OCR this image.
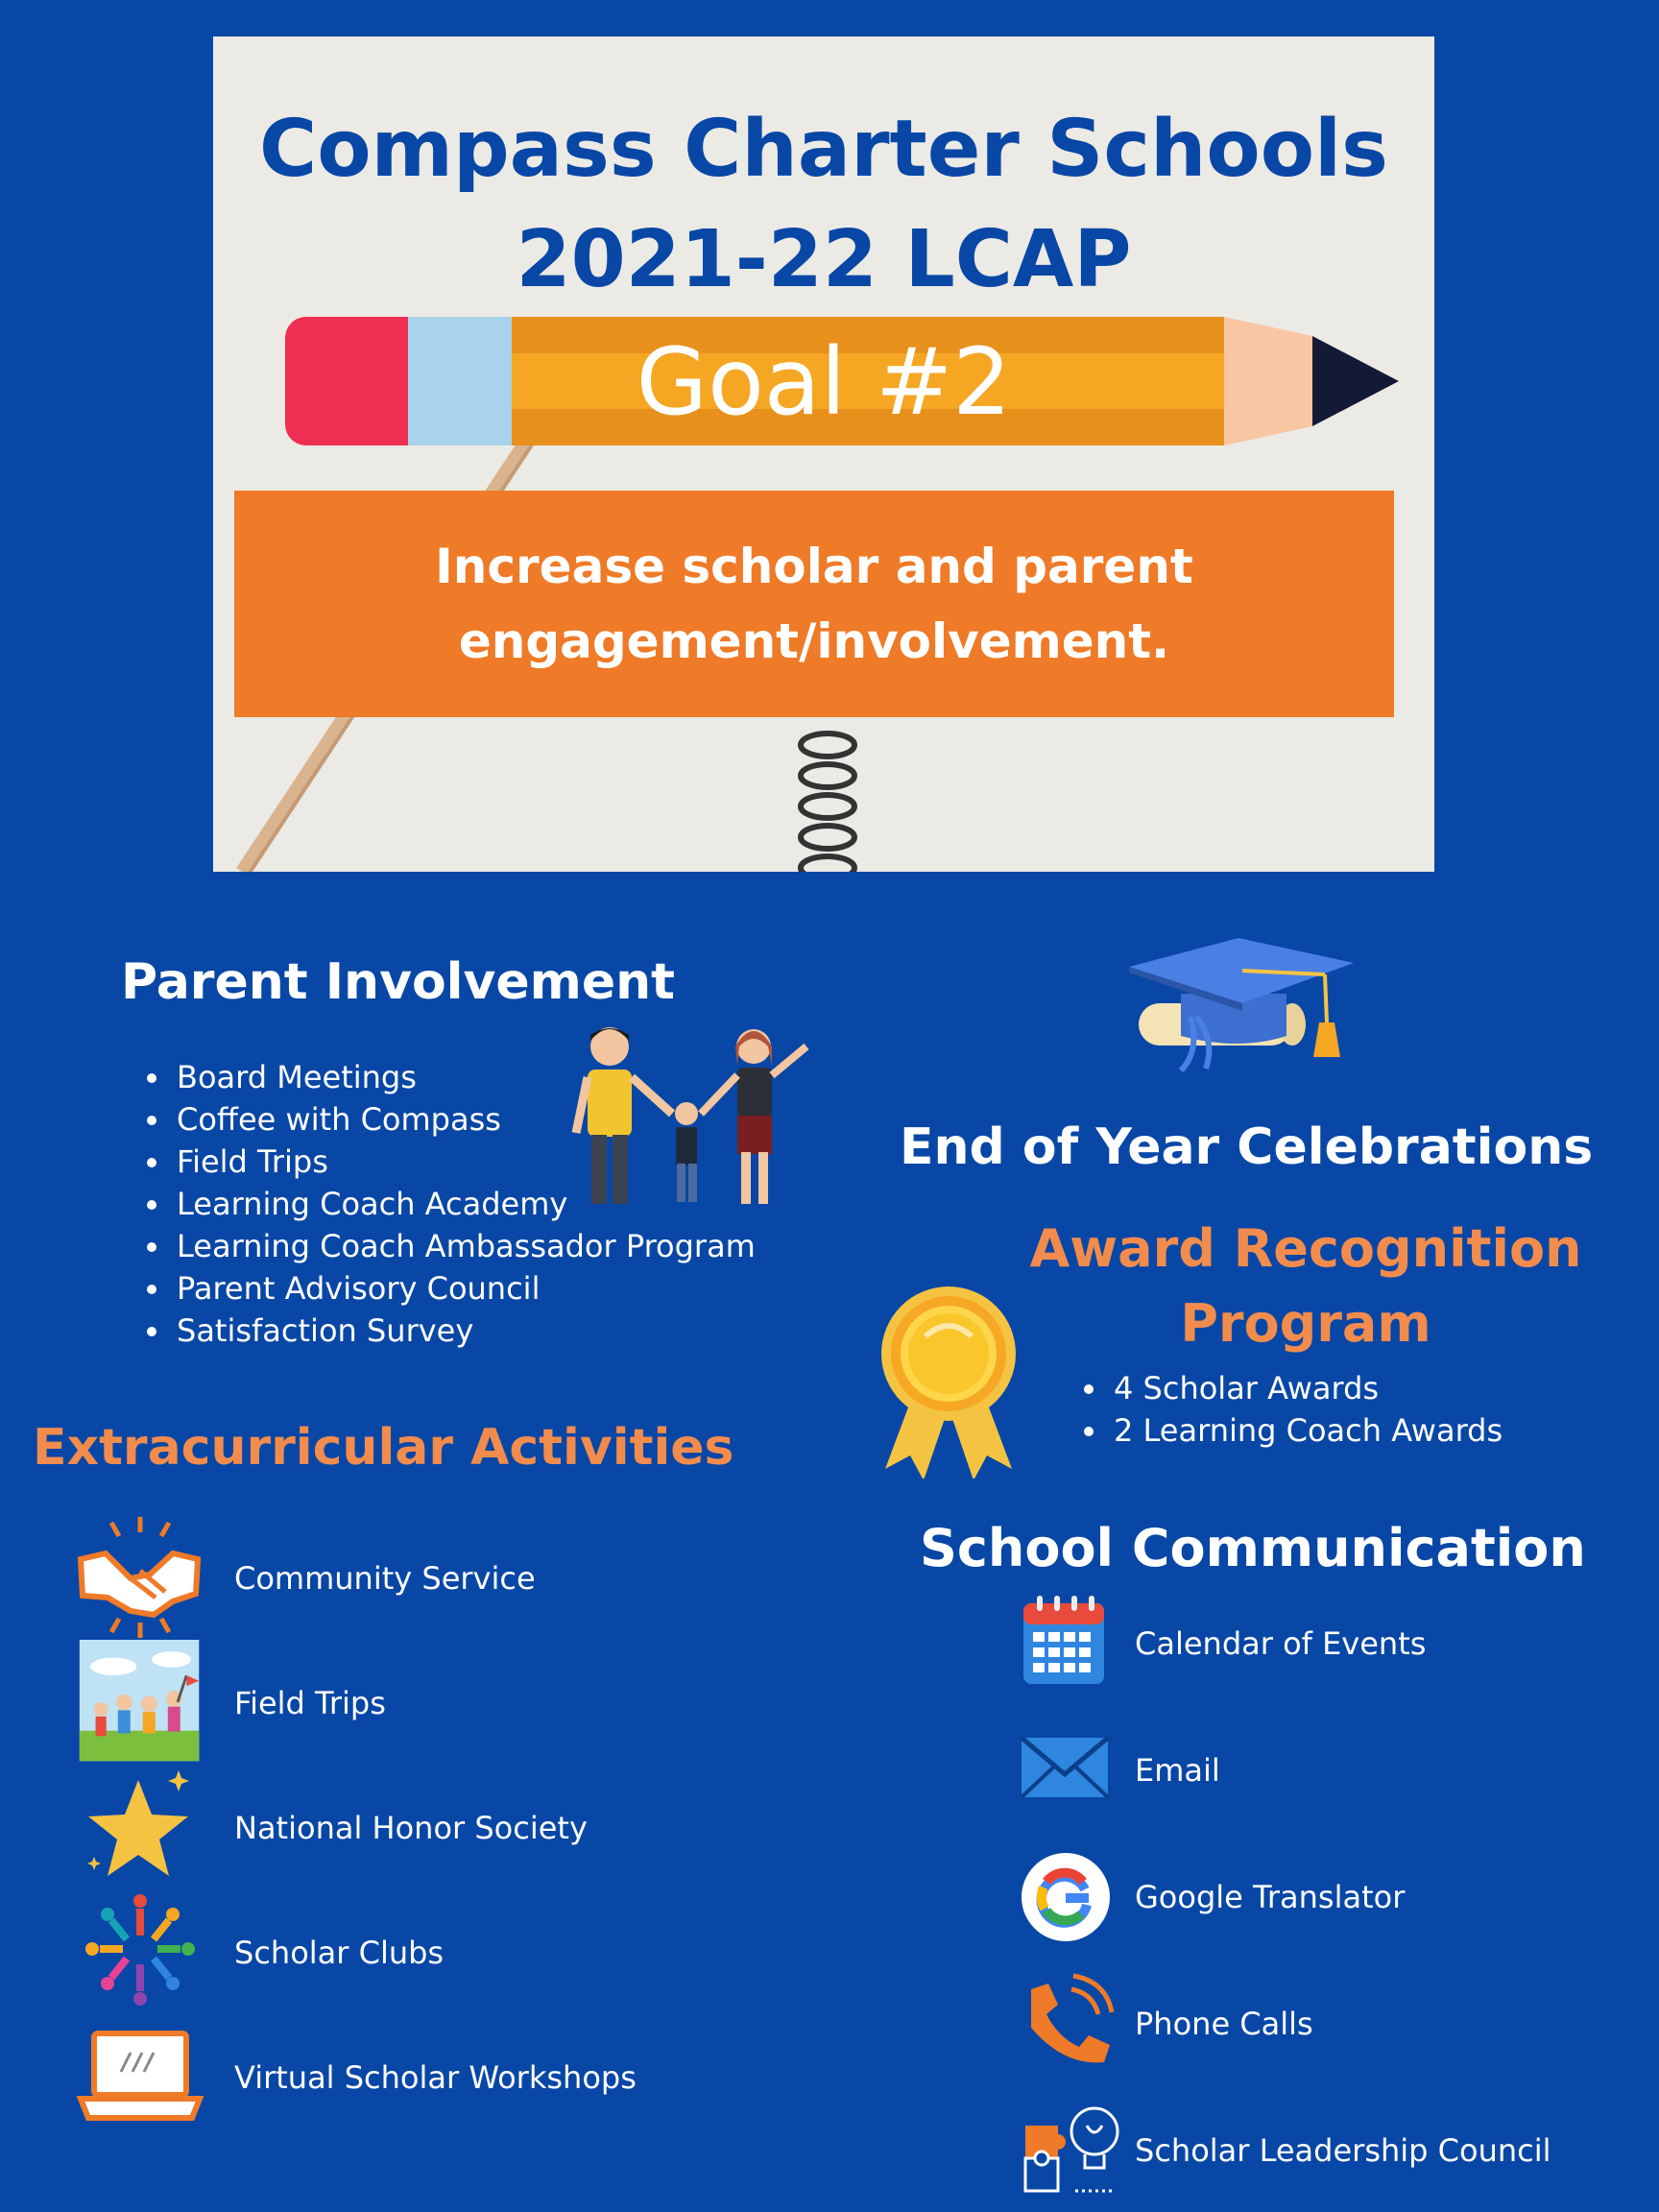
Compass Charter Schools
2021-22 LCAP
Goal #2
Increase scholar and parent engagement/involvement.
Parent Involvement
• Board Meetings
• Coffee with Compass
• Field Trips
• Learning Coach Academy
• Learning Coach Ambassador Program
• Parent Advisory Council
• Satisfaction Survey
Extracurricular Activities
Community Service
Field Trips
National Honor Society
Scholar Clubs
Virtual Scholar Workshops
End of Year Celebrations
Award Recognition Program
• 4 Scholar Awards
• 2 Learning Coach Awards
School Communication
Calendar of Events
Email
Google Translator
Phone Calls
Scholar Leadership Council
